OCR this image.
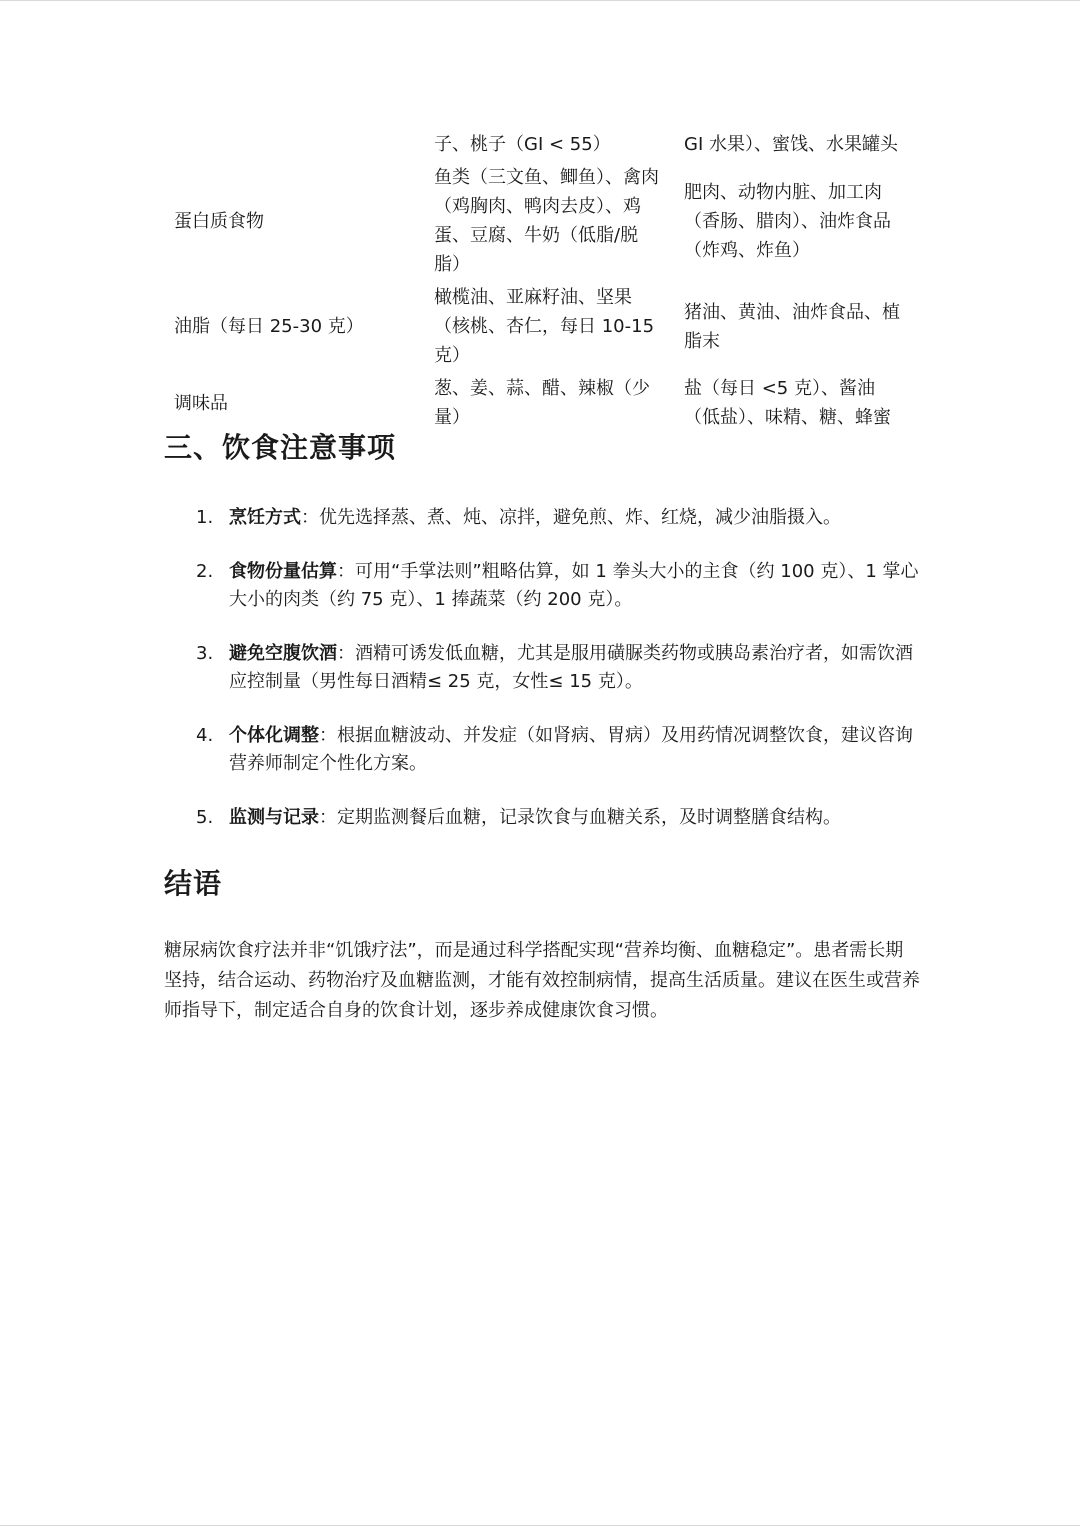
	子、桃子（GI < 55）	GI 水果）、蜜饯、水果罐头
蛋白质食物	鱼类（三文鱼、鲫鱼）、禽肉（鸡胸肉、鸭肉去皮）、鸡蛋、豆腐、牛奶（低脂/脱脂）	肥肉、动物内脏、加工肉（香肠、腊肉）、油炸食品（炸鸡、炸鱼）
油脂（每日 25-30 克）	橄榄油、亚麻籽油、坚果（核桃、杏仁，每日 10-15 克）	猪油、黄油、油炸食品、植脂末
调味品	葱、姜、蒜、醋、辣椒（少量）	盐（每日 <5 克）、酱油（低盐）、味精、糖、蜂蜜
三、饮食注意事项
1. 烹饪方式：优先选择蒸、煮、炖、凉拌，避免煎、炸、红烧，减少油脂摄入。
2. 食物份量估算：可用“手掌法则”粗略估算，如 1 拳头大小的主食（约 100 克）、1 掌心大小的肉类（约 75 克）、1 捧蔬菜（约 200 克）。
3. 避免空腹饮酒：酒精可诱发低血糖，尤其是服用磺脲类药物或胰岛素治疗者，如需饮酒应控制量（男性每日酒精≤ 25 克，女性≤ 15 克）。
4. 个体化调整：根据血糖波动、并发症（如肾病、胃病）及用药情况调整饮食，建议咨询营养师制定个性化方案。
5. 监测与记录：定期监测餐后血糖，记录饮食与血糖关系，及时调整膳食结构。
结语

糖尿病饮食疗法并非“饥饿疗法”，而是通过科学搭配实现“营养均衡、血糖稳定”。患者需长期坚持，结合运动、药物治疗及血糖监测，才能有效控制病情，提高生活质量。建议在医生或营养师指导下，制定适合自身的饮食计划，逐步养成健康饮食习惯。
